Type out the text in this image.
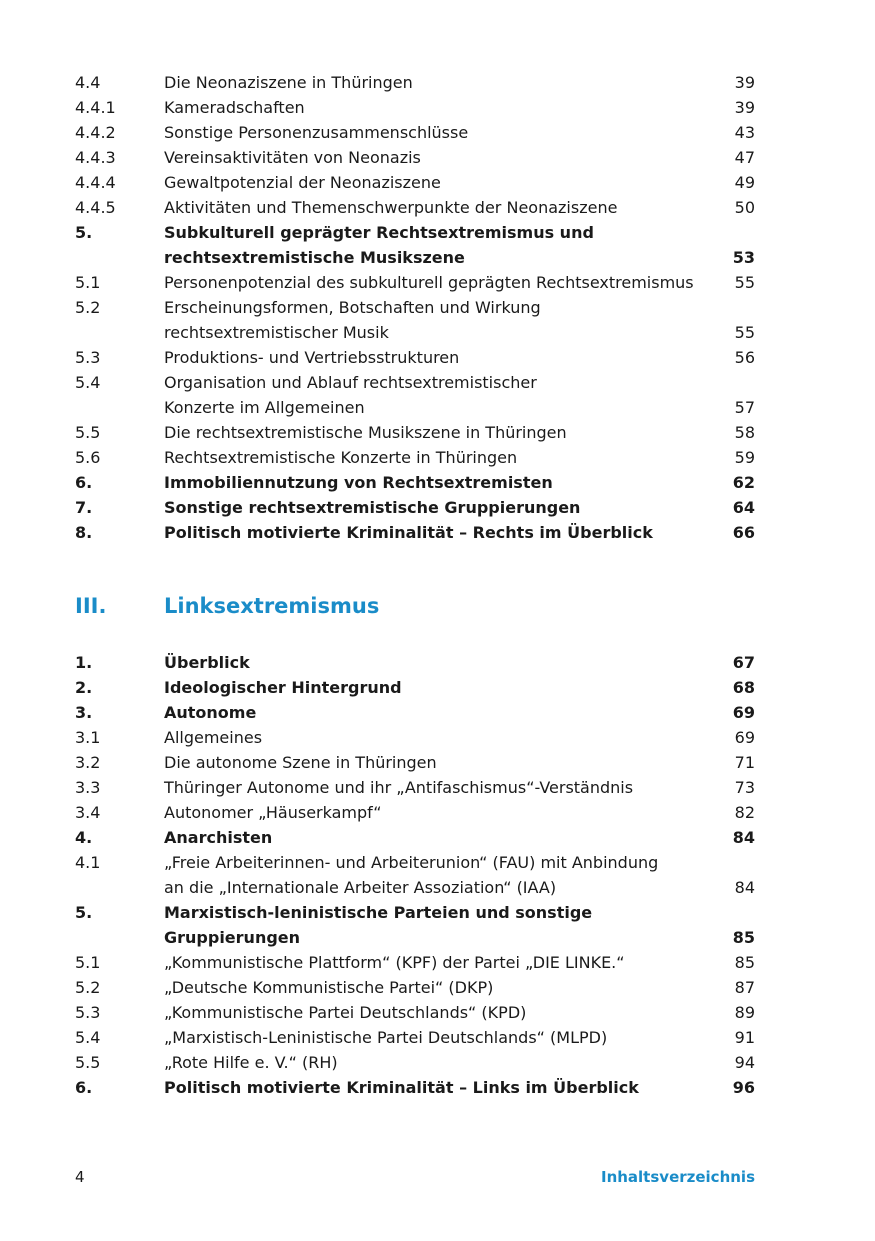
4.4	Die Neonaziszene in Thüringen	39
4.4.1	Kameradschaften	39
4.4.2	Sonstige Personenzusammenschlüsse	43
4.4.3	Vereinsaktivitäten von Neonazis	47
4.4.4	Gewaltpotenzial der Neonaziszene	49
4.4.5	Aktivitäten und Themenschwerpunkte der Neonaziszene	50
5.	Subkulturell geprägter Rechtsextremismus und
rechtsextremistische Musikszene	53
5.1	Personenpotenzial des subkulturell geprägten Rechtsextremismus	55
5.2	Erscheinungsformen, Botschaften und Wirkung
rechtsextremistischer Musik	55
5.3	Produktions- und Vertriebsstrukturen	56
5.4	Organisation und Ablauf rechtsextremistischer
Konzerte im Allgemeinen	57
5.5	Die rechtsextremistische Musikszene in Thüringen	58
5.6	Rechtsextremistische Konzerte in Thüringen	59
6.	Immobiliennutzung von Rechtsextremisten	62
7.	Sonstige rechtsextremistische Gruppierungen	64
8.	Politisch motivierte Kriminalität – Rechts im Überblick	66
III.	Linksextremismus
1.	Überblick	67
2.	Ideologischer Hintergrund	68
3.	Autonome	69
3.1	Allgemeines	69
3.2	Die autonome Szene in Thüringen	71
3.3	Thüringer Autonome und ihr „Antifaschismus“-Verständnis	73
3.4	Autonomer „Häuserkampf“	82
4.	Anarchisten	84
4.1	„Freie Arbeiterinnen- und Arbeiterunion“ (FAU) mit Anbindung
an die „Internationale Arbeiter Assoziation“ (IAA)	84
5.	Marxistisch-leninistische Parteien und sonstige Gruppierungen	85
5.1	„Kommunistische Plattform“ (KPF) der Partei „DIE LINKE.“	85
5.2	„Deutsche Kommunistische Partei“ (DKP)	87
5.3	„Kommunistische Partei Deutschlands“ (KPD)	89
5.4	„Marxistisch-Leninistische Partei Deutschlands“ (MLPD)	91
5.5	„Rote Hilfe e. V.“ (RH)	94
6.	Politisch motivierte Kriminalität – Links im Überblick	96
4	Inhaltsverzeichnis
